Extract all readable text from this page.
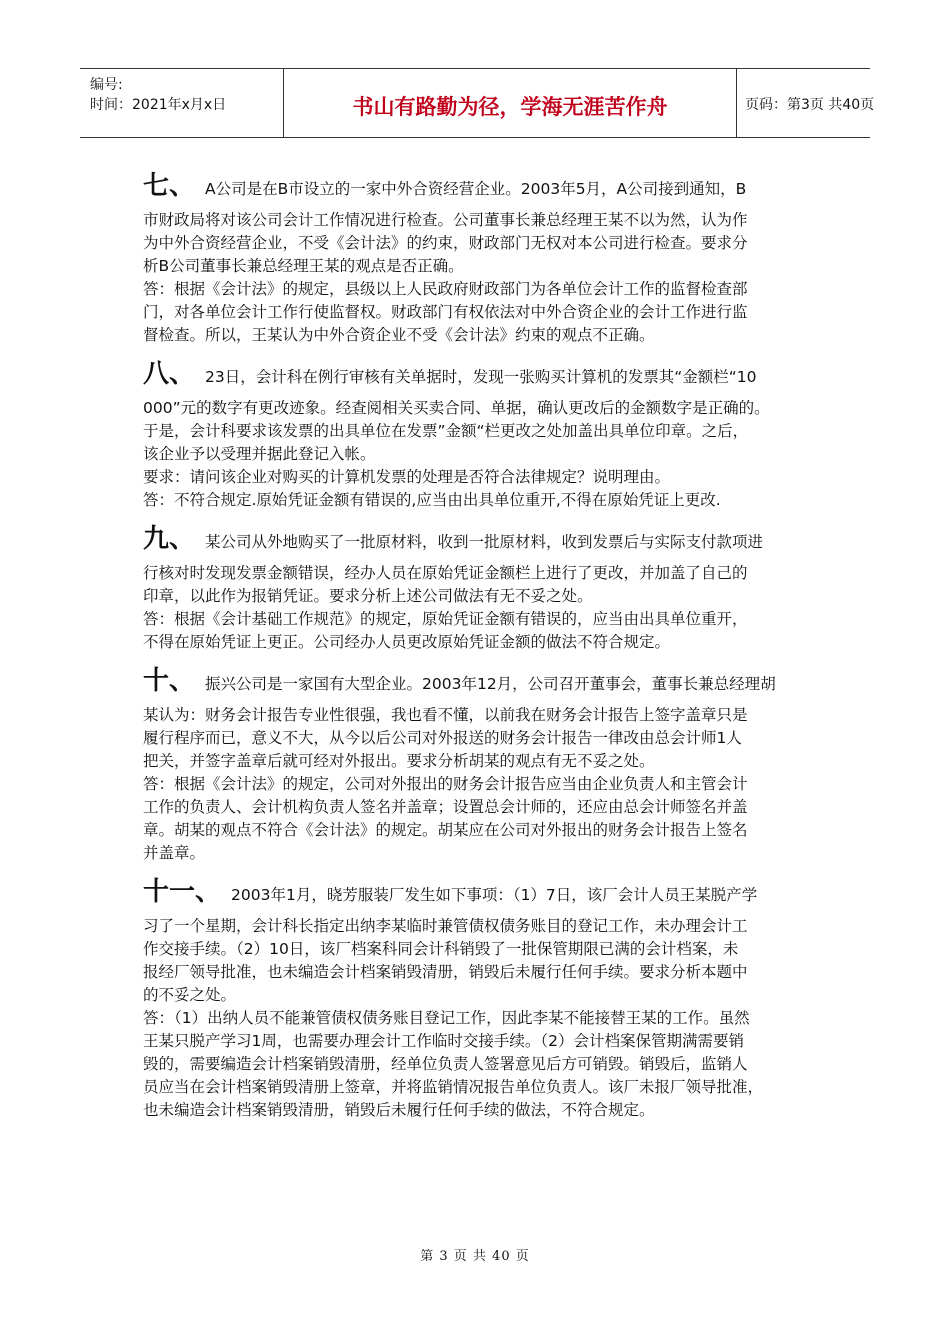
编号:
时间：2021年x月x日	书山有路勤为径，学海无涯苦作舟	页码：第3页 共40页
七、 A公司是在B市设立的一家中外合资经营企业。2003年5月，A公司接到通知，B
市财政局将对该公司会计工作情况进行检查。公司董事长兼总经理王某不以为然，认为作
为中外合资经营企业，不受《会计法》的约束，财政部门无权对本公司进行检查。要求分
析B公司董事长兼总经理王某的观点是否正确。
答：根据《会计法》的规定，县级以上人民政府财政部门为各单位会计工作的监督检查部
门，对各单位会计工作行使监督权。财政部门有权依法对中外合资企业的会计工作进行监
督检查。所以，王某认为中外合资企业不受《会计法》约束的观点不正确。
八、 23日，会计科在例行审核有关单据时，发现一张购买计算机的发票其“金额栏“10
000”元的数字有更改迹象。经查阅相关买卖合同、单据，确认更改后的金额数字是正确的。
于是，会计科要求该发票的出具单位在发票”金额“栏更改之处加盖出具单位印章。之后，
该企业予以受理并据此登记入帐。
要求：请问该企业对购买的计算机发票的处理是否符合法律规定？说明理由。
答：不符合规定.原始凭证金额有错误的,应当由出具单位重开,不得在原始凭证上更改.
九、 某公司从外地购买了一批原材料，收到一批原材料，收到发票后与实际支付款项进
行核对时发现发票金额错误，经办人员在原始凭证金额栏上进行了更改，并加盖了自己的
印章，以此作为报销凭证。要求分析上述公司做法有无不妥之处。
答：根据《会计基础工作规范》的规定，原始凭证金额有错误的，应当由出具单位重开，
不得在原始凭证上更正。公司经办人员更改原始凭证金额的做法不符合规定。
十、 振兴公司是一家国有大型企业。2003年12月，公司召开董事会，董事长兼总经理胡
某认为：财务会计报告专业性很强，我也看不懂，以前我在财务会计报告上签字盖章只是
履行程序而已，意义不大，从今以后公司对外报送的财务会计报告一律改由总会计师1人
把关，并签字盖章后就可经对外报出。要求分析胡某的观点有无不妥之处。
答：根据《会计法》的规定，公司对外报出的财务会计报告应当由企业负责人和主管会计
工作的负责人、会计机构负责人签名并盖章；设置总会计师的，还应由总会计师签名并盖
章。胡某的观点不符合《会计法》的规定。胡某应在公司对外报出的财务会计报告上签名
并盖章。
十一、 2003年1月，晓芳服装厂发生如下事项：（1）7日，该厂会计人员王某脱产学
习了一个星期，会计科长指定出纳李某临时兼管债权债务账目的登记工作，未办理会计工
作交接手续。（2）10日，该厂档案科同会计科销毁了一批保管期限已满的会计档案，未
报经厂领导批准，也未编造会计档案销毁清册，销毁后未履行任何手续。要求分析本题中
的不妥之处。
答：（1）出纳人员不能兼管债权债务账目登记工作，因此李某不能接替王某的工作。虽然
王某只脱产学习1周，也需要办理会计工作临时交接手续。（2）会计档案保管期满需要销
毁的，需要编造会计档案销毁清册，经单位负责人签署意见后方可销毁。销毁后，监销人
员应当在会计档案销毁清册上签章，并将监销情况报告单位负责人。该厂未报厂领导批准，
也未编造会计档案销毁清册，销毁后未履行任何手续的做法，不符合规定。
第 3 页 共 40 页
